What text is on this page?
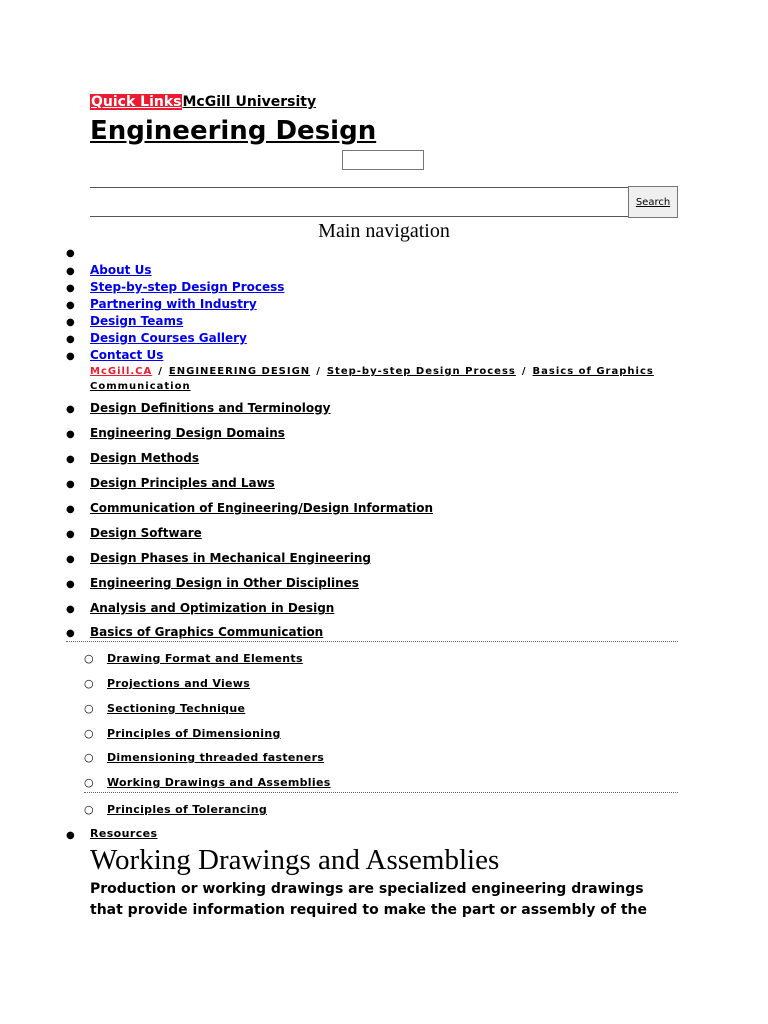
Quick LinksMcGill University
Engineering Design
Search
Main navigation
●
● About Us
● Step-by-step Design Process
● Partnering with Industry
● Design Teams
● Design Courses Gallery
● Contact Us
McGill.CA / ENGINEERING DESIGN / Step-by-step Design Process / Basics of Graphics Communication
● Design Definitions and Terminology
● Engineering Design Domains
● Design Methods
● Design Principles and Laws
● Communication of Engineering/Design Information
● Design Software
● Design Phases in Mechanical Engineering
● Engineering Design in Other Disciplines
● Analysis and Optimization in Design
● Basics of Graphics Communication
○ Drawing Format and Elements
○ Projections and Views
○ Sectioning Technique
○ Principles of Dimensioning
○ Dimensioning threaded fasteners
○ Working Drawings and Assemblies
○ Principles of Tolerancing
● Resources
Working Drawings and Assemblies

Production or working drawings are specialized engineering drawings that provide information required to make the part or assembly of the
